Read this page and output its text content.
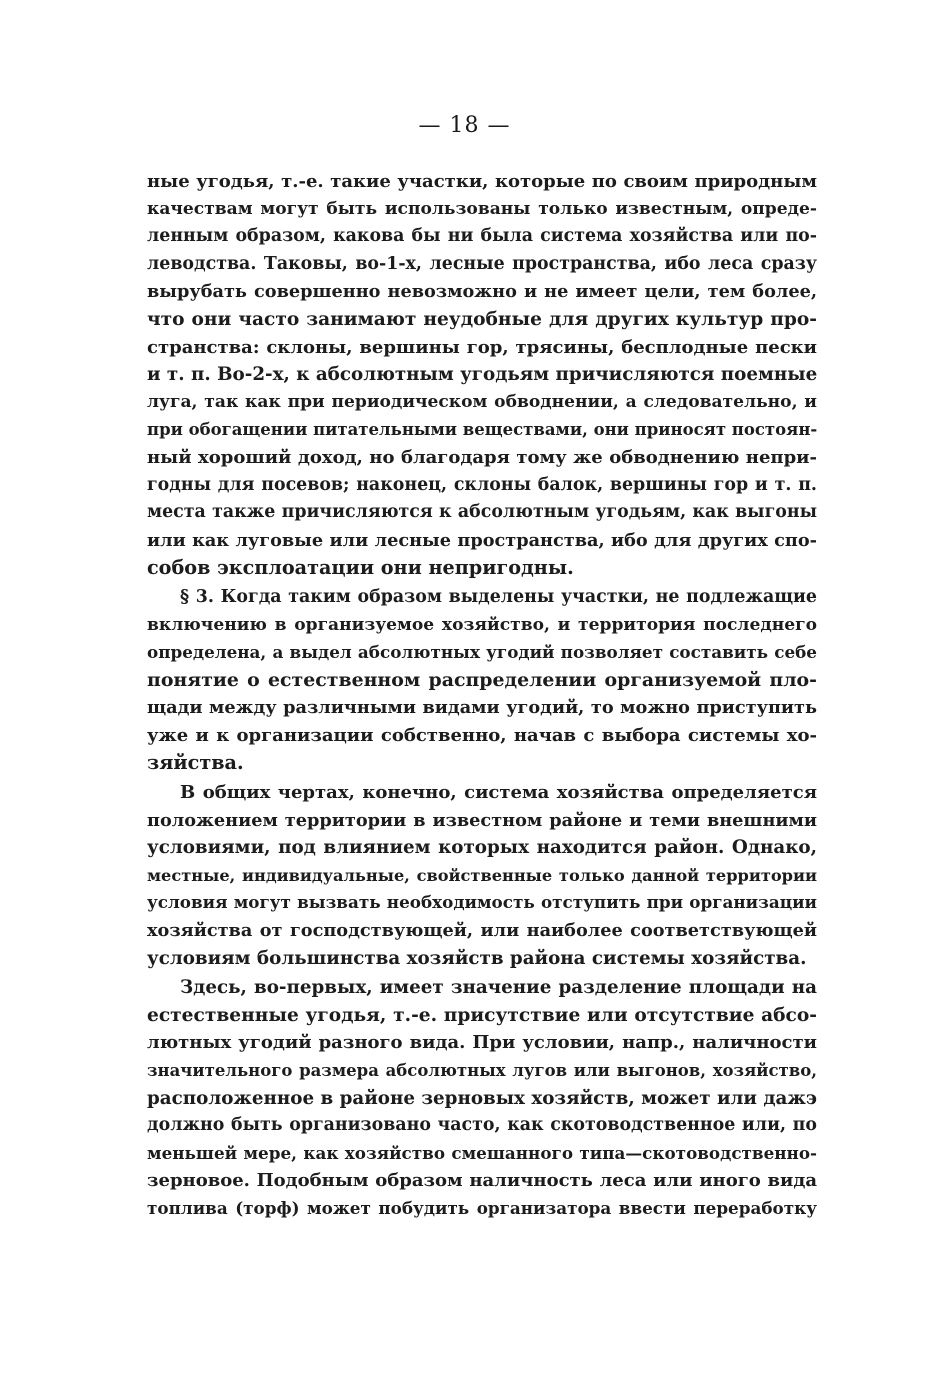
— 18 —
ные угодья, т.-е. такие участки, которые по своим природным
качествам могут быть использованы только известным, опреде-
ленным образом, какова бы ни была система хозяйства или по-
леводства. Таковы, во-1-х, лесные пространства, ибо леса сразу
вырубать совершенно невозможно и не имеет цели, тем более,
что они часто занимают неудобные для других культур про-
странства: склоны, вершины гор, трясины, бесплодные пески
и т. п. Во-2-х, к абсолютным угодьям причисляются поемные
луга, так как при периодическом обводнении, а следовательно, и
при обогащении питательными веществами, они приносят постоян-
ный хороший доход, но благодаря тому же обводнению непри-
годны для посевов; наконец, склоны балок, вершины гор и т. п.
места также причисляются к абсолютным угодьям, как выгоны
или как луговые или лесные пространства, ибо для других спо-
собов эксплоатации они непригодны.
§ 3. Когда таким образом выделены участки, не подлежащие
включению в организуемое хозяйство, и территория последнего
определена, а выдел абсолютных угодий позволяет составить себе
понятие о естественном распределении организуемой пло-
щади между различными видами угодий, то можно приступить
уже и к организации собственно, начав с выбора системы хо-
зяйства.
В общих чертах, конечно, система хозяйства определяется
положением территории в известном районе и теми внешними
условиями, под влиянием которых находится район. Однако,
местные, индивидуальные, свойственные только данной территории
условия могут вызвать необходимость отступить при организации
хозяйства от господствующей, или наиболее соответствующей
условиям большинства хозяйств района системы хозяйства.
Здесь, во-первых, имеет значение разделение площади на
естественные угодья, т.-е. присутствие или отсутствие абсо-
лютных угодий разного вида. При условии, напр., наличности
значительного размера абсолютных лугов или выгонов, хозяйство,
расположенное в районе зерновых хозяйств, может или дажэ
должно быть организовано часто, как скотоводственное или, по
меньшей мере, как хозяйство смешанного типа—скотоводственно-
зерновое. Подобным образом наличность леса или иного вида
топлива (торф) может побудить организатора ввести переработку
